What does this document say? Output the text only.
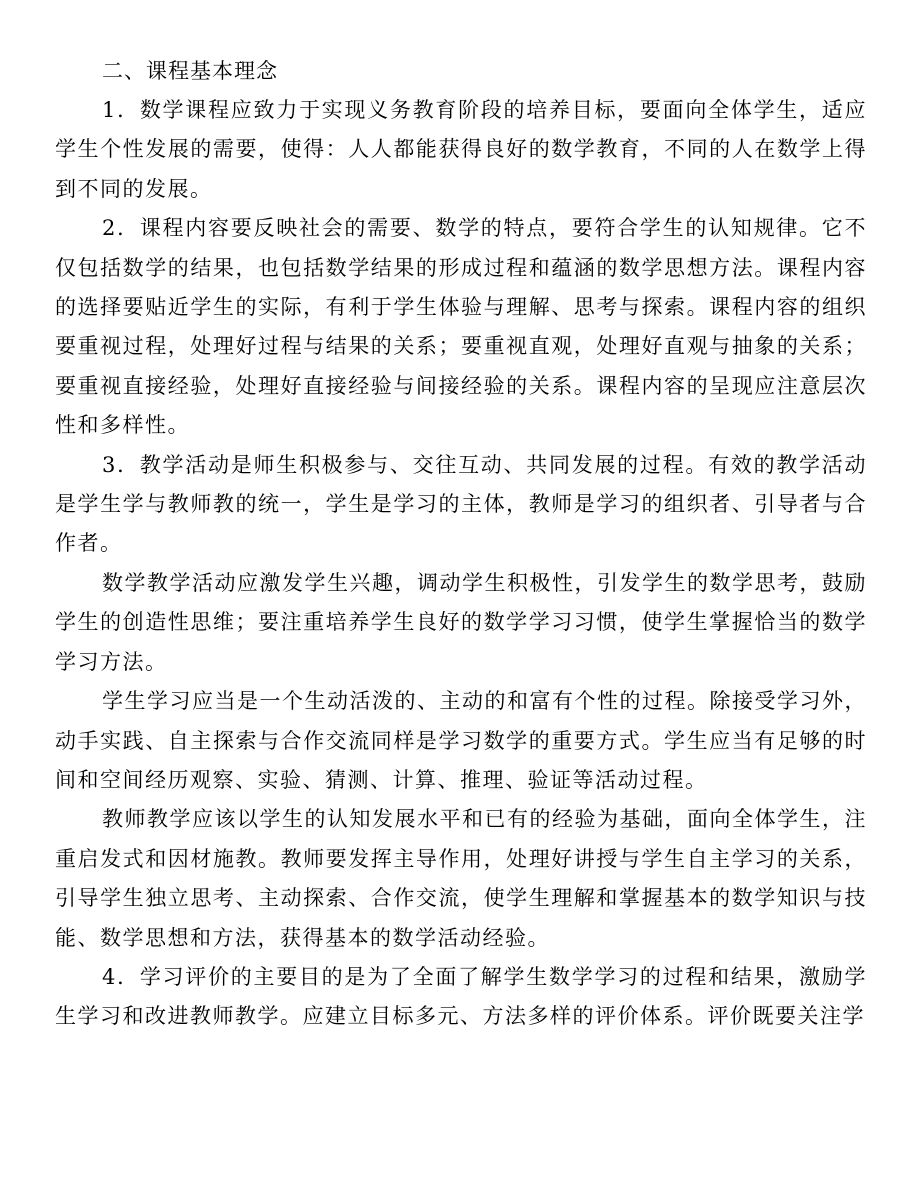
二、课程基本理念

1．数学课程应致力于实现义务教育阶段的培养目标，要面向全体学生，适应学生个性发展的需要，使得：人人都能获得良好的数学教育，不同的人在数学上得到不同的发展。

2．课程内容要反映社会的需要、数学的特点，要符合学生的认知规律。它不仅包括数学的结果，也包括数学结果的形成过程和蕴涵的数学思想方法。课程内容的选择要贴近学生的实际，有利于学生体验与理解、思考与探索。课程内容的组织要重视过程，处理好过程与结果的关系；要重视直观，处理好直观与抽象的关系；要重视直接经验，处理好直接经验与间接经验的关系。课程内容的呈现应注意层次性和多样性。

3．教学活动是师生积极参与、交往互动、共同发展的过程。有效的教学活动是学生学与教师教的统一，学生是学习的主体，教师是学习的组织者、引导者与合作者。

数学教学活动应激发学生兴趣，调动学生积极性，引发学生的数学思考，鼓励学生的创造性思维；要注重培养学生良好的数学学习习惯，使学生掌握恰当的数学学习方法。

学生学习应当是一个生动活泼的、主动的和富有个性的过程。除接受学习外，动手实践、自主探索与合作交流同样是学习数学的重要方式。学生应当有足够的时间和空间经历观察、实验、猜测、计算、推理、验证等活动过程。

教师教学应该以学生的认知发展水平和已有的经验为基础，面向全体学生，注重启发式和因材施教。教师要发挥主导作用，处理好讲授与学生自主学习的关系，引导学生独立思考、主动探索、合作交流，使学生理解和掌握基本的数学知识与技能、数学思想和方法，获得基本的数学活动经验。

4．学习评价的主要目的是为了全面了解学生数学学习的过程和结果，激励学生学习和改进教师教学。应建立目标多元、方法多样的评价体系。评价既要关注学
